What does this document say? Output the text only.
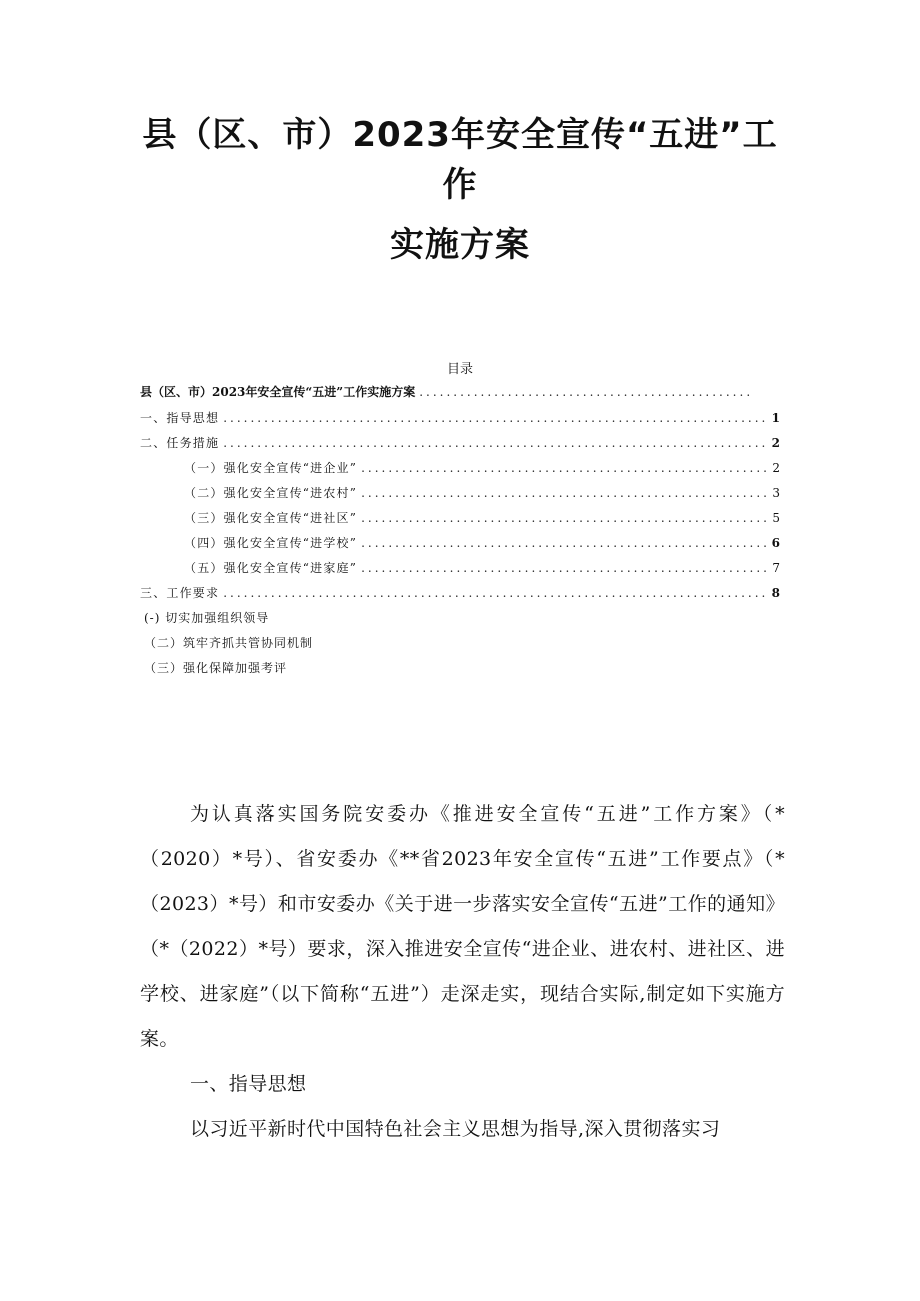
县（区、市）2023年安全宣传“五进”工
作
实施方案
目录
县（区、市）2023年安全宣传“五进”工作实施方案
.....
一、指导思想 .....	1
二、任务措施 .....	2
（一）强化安全宣传“进企业” .....	2
（二）强化安全宣传“进农村” .....	3
（三）强化安全宣传“进社区” .....	5
（四）强化安全宣传“进学校” .....	6
（五）强化安全宣传“进家庭” .....	7
三、工作要求 .....	8
(-) 切实加强组织领导
（二）筑牢齐抓共管协同机制
（三）强化保障加强考评

为认真落实国务院安委办《推进安全宣传“五进”工作方案》（*（2020）*号）、省安委办《**省2023年安全宣传“五进”工作要点》（*（2023）*号）和市安委办《关于进一步落实安全宣传“五进”工作的通知》（*（2022）*号）要求，深入推进安全宣传“进企业、进农村、进社区、进学校、进家庭”（以下简称“五进”）走深走实，现结合实际,制定如下实施方案。

一、指导思想

以习近平新时代中国特色社会主义思想为指导,深入贯彻落实习
